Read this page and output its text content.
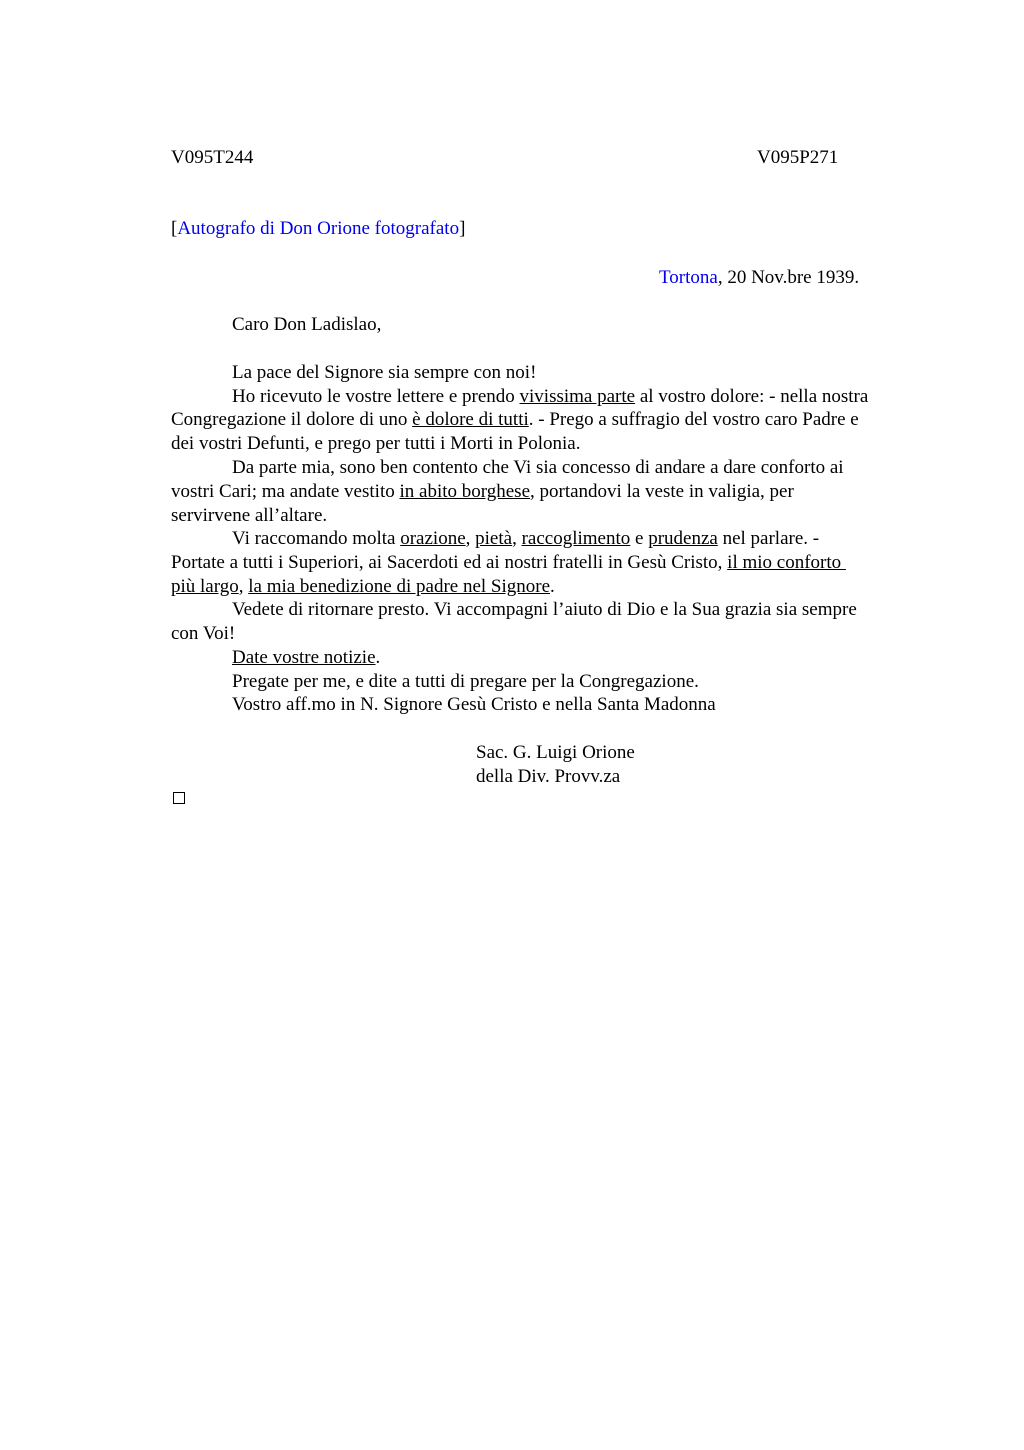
V095T244	V095P271
[Autografo di Don Orione fotografato]
Tortona, 20 Nov.bre 1939.
Caro Don Ladislao,
La pace del Signore sia sempre con noi!
Ho ricevuto le vostre lettere e prendo vivissima parte al vostro dolore: - nella nostra
Congregazione il dolore di uno è dolore di tutti. - Prego a suffragio del vostro caro Padre e
dei vostri Defunti, e prego per tutti i Morti in Polonia.
Da parte mia, sono ben contento che Vi sia concesso di andare a dare conforto ai
vostri Cari; ma andate vestito in abito borghese, portandovi la veste in valigia, per
servirvene all’altare.
Vi raccomando molta orazione, pietà, raccoglimento e prudenza nel parlare. -
Portate a tutti i Superiori, ai Sacerdoti ed ai nostri fratelli in Gesù Cristo, il mio conforto
più largo, la mia benedizione di padre nel Signore.
Vedete di ritornare presto. Vi accompagni l’aiuto di Dio e la Sua grazia sia sempre
con Voi!
Date vostre notizie.
Pregate per me, e dite a tutti di pregare per la Congregazione.
Vostro aff.mo in N. Signore Gesù Cristo e nella Santa Madonna
Sac. G. Luigi Orione
della Div. Provv.za
